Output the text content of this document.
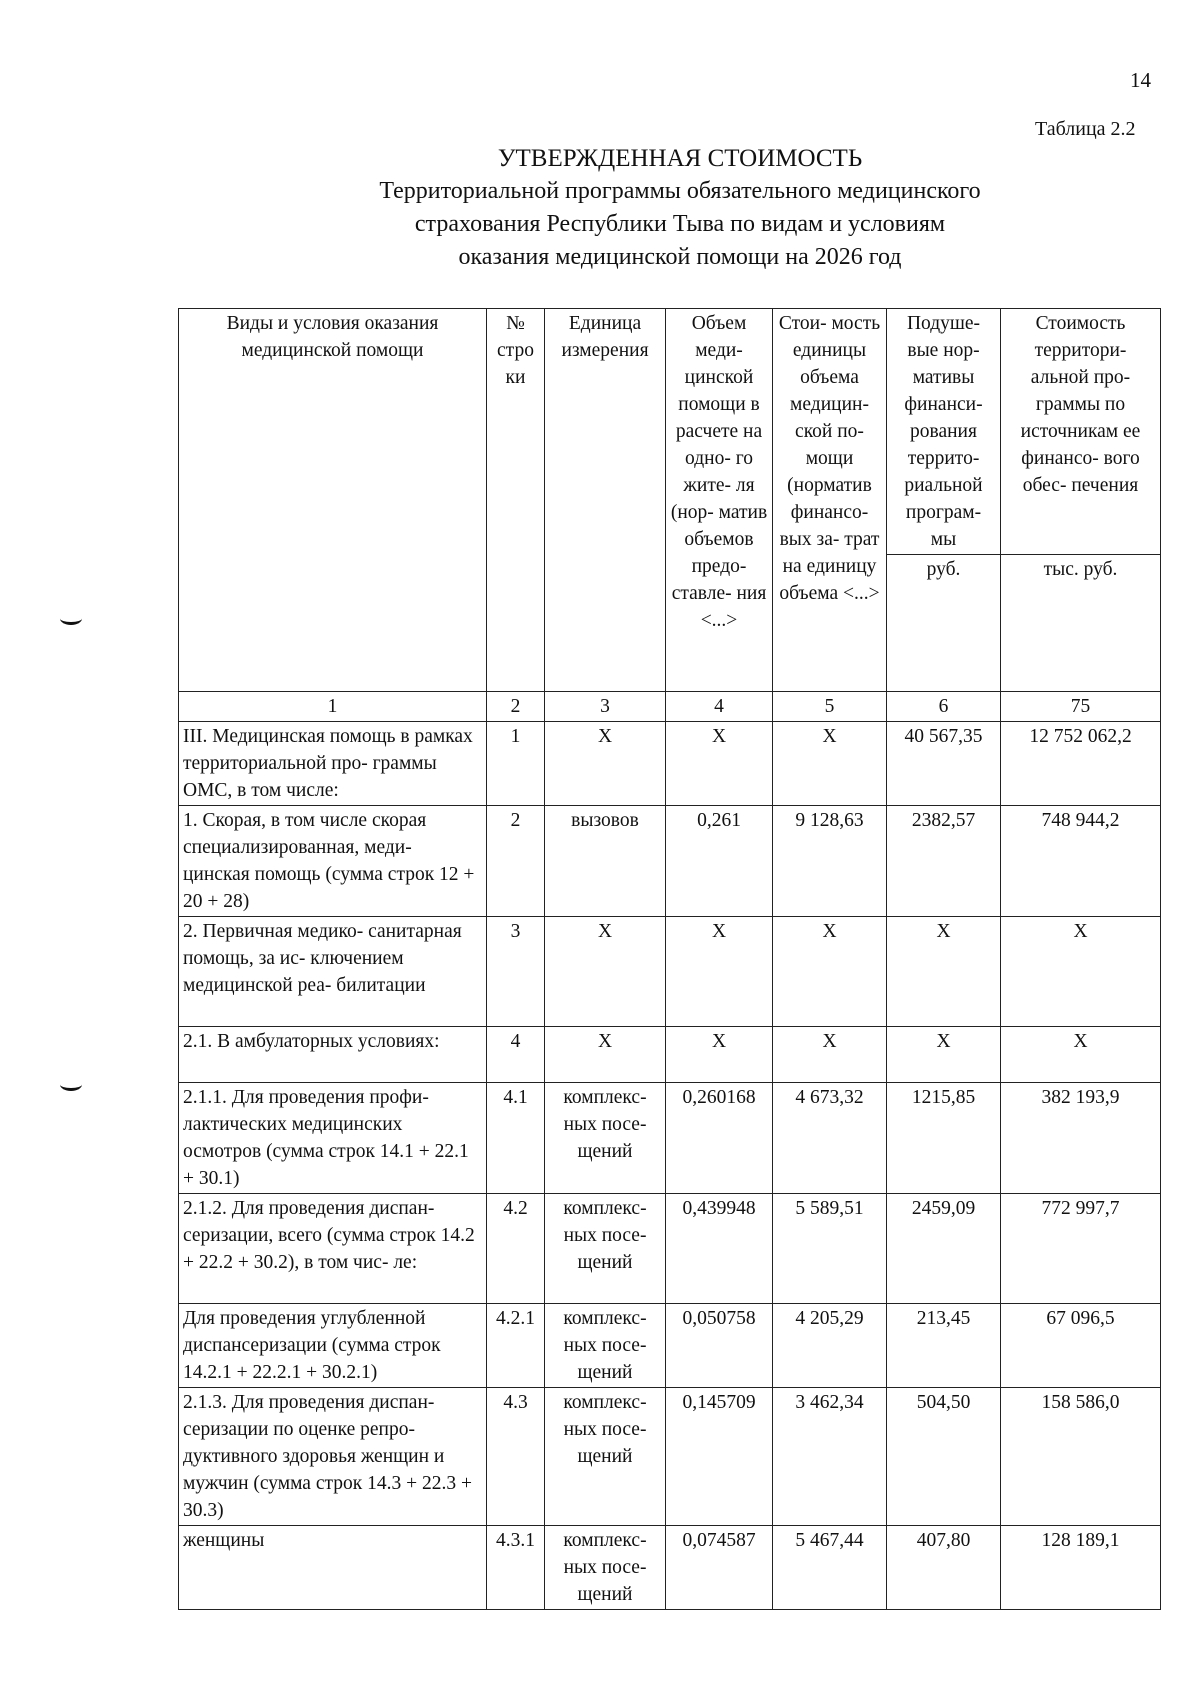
14
Таблица 2.2
УТВЕРЖДЕННАЯ СТОИМОСТЬ
Территориальной программы обязательного медицинского
страхования Республики Тыва по видам и условиям
оказания медицинской помощи на 2026 год
Виды и условия оказания медицинской помощи	№ стро ки	Единица измерения	Объем меди- цинской помощи в расчете на одно- го жите- ля (нор- матив объемов предо- ставле- ния <...>	Стои- мость единицы объема медицин- ской по- мощи (норматив финансо- вых за- трат на единицу объема <...>	Подуше- вые нор- мативы финанси- рования террито- риальной програм- мы	Стоимость территори- альной про- граммы по источникам ее финансо- вого обес- печения
					руб.	тыс. руб.
1	2	3	4	5	6	75
III. Медицинская помощь в рамках территориальной про- граммы ОМС, в том числе:	1	X	X	X	40 567,35	12 752 062,2
1. Скорая, в том числе скорая специализированная, меди- цинская помощь (сумма строк 12 + 20 + 28)	2	вызовов	0,261	9 128,63	2382,57	748 944,2
2. Первичная медико- санитарная помощь, за ис- ключением медицинской реа- билитации	3	X	X	X	X	X
2.1. В амбулаторных условиях:	4	X	X	X	X	X
2.1.1. Для проведения профи- лактических медицинских осмотров (сумма строк 14.1 + 22.1 + 30.1)	4.1	комплекс- ных посе- щений	0,260168	4 673,32	1215,85	382 193,9
2.1.2. Для проведения диспан- серизации, всего (сумма строк 14.2 + 22.2 + 30.2), в том чис- ле:	4.2	комплекс- ных посе- щений	0,439948	5 589,51	2459,09	772 997,7
Для проведения углубленной диспансеризации (сумма строк 14.2.1 + 22.2.1 + 30.2.1)	4.2.1	комплекс- ных посе- щений	0,050758	4 205,29	213,45	67 096,5
2.1.3. Для проведения диспан- серизации по оценке репро- дуктивного здоровья женщин и мужчин (сумма строк 14.3 + 22.3 + 30.3)	4.3	комплекс- ных посе- щений	0,145709	3 462,34	504,50	158 586,0
женщины	4.3.1	комплекс- ных посе- щений	0,074587	5 467,44	407,80	128 189,1
